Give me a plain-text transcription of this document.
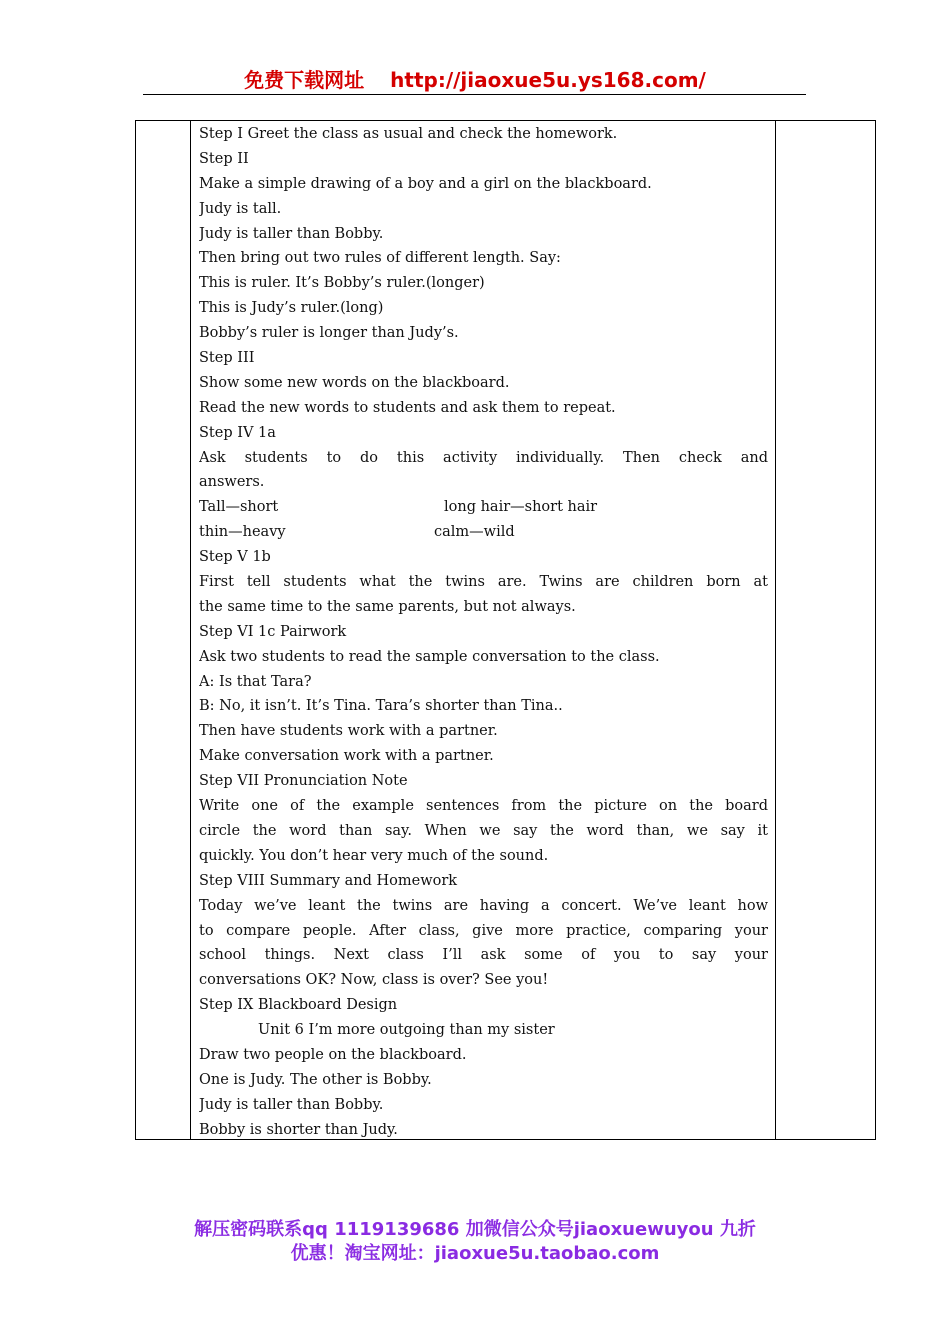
免费下载网址 http://jiaoxue5u.ys168.com/
Step I Greet the class as usual and check the homework.
Step II
Make a simple drawing of a boy and a girl on the blackboard.
Judy is tall.
Judy is taller than Bobby.
Then bring out two rules of different length. Say:
This is ruler. It’s Bobby’s ruler.(longer)
This is Judy’s ruler.(long)
Bobby’s ruler is longer than Judy’s.
Step III
Show some new words on the blackboard.
Read the new words to students and ask them to repeat.
Step IV 1a
Ask students to do this activity individually. Then check and
answers.
Tall—short	long hair—short hair
thin—heavy	calm—wild
Step V 1b
First tell students what the twins are. Twins are children born at
the same time to the same parents, but not always.
Step VI 1c Pairwork
Ask two students to read the sample conversation to the class.
A: Is that Tara?
B: No, it isn’t. It’s Tina. Tara’s shorter than Tina..
Then have students work with a partner.
Make conversation work with a partner.
Step VII Pronunciation Note
Write one of the example sentences from the picture on the board
circle the word than say. When we say the word than, we say it
quickly. You don’t hear very much of the sound.
Step VIII Summary and Homework
Today we’ve leant the twins are having a concert. We’ve leant how
to compare people. After class, give more practice, comparing your
school things. Next class I’ll ask some of you to say your
conversations OK? Now, class is over? See you!
Step IX Blackboard Design
Unit 6 I’m more outgoing than my sister
Draw two people on the blackboard.
One is Judy. The other is Bobby.
Judy is taller than Bobby.
Bobby is shorter than Judy.
解压密码联系qq 1119139686 加微信公众号jiaoxuewuyou 九折
优惠！淘宝网址：jiaoxue5u.taobao.com
